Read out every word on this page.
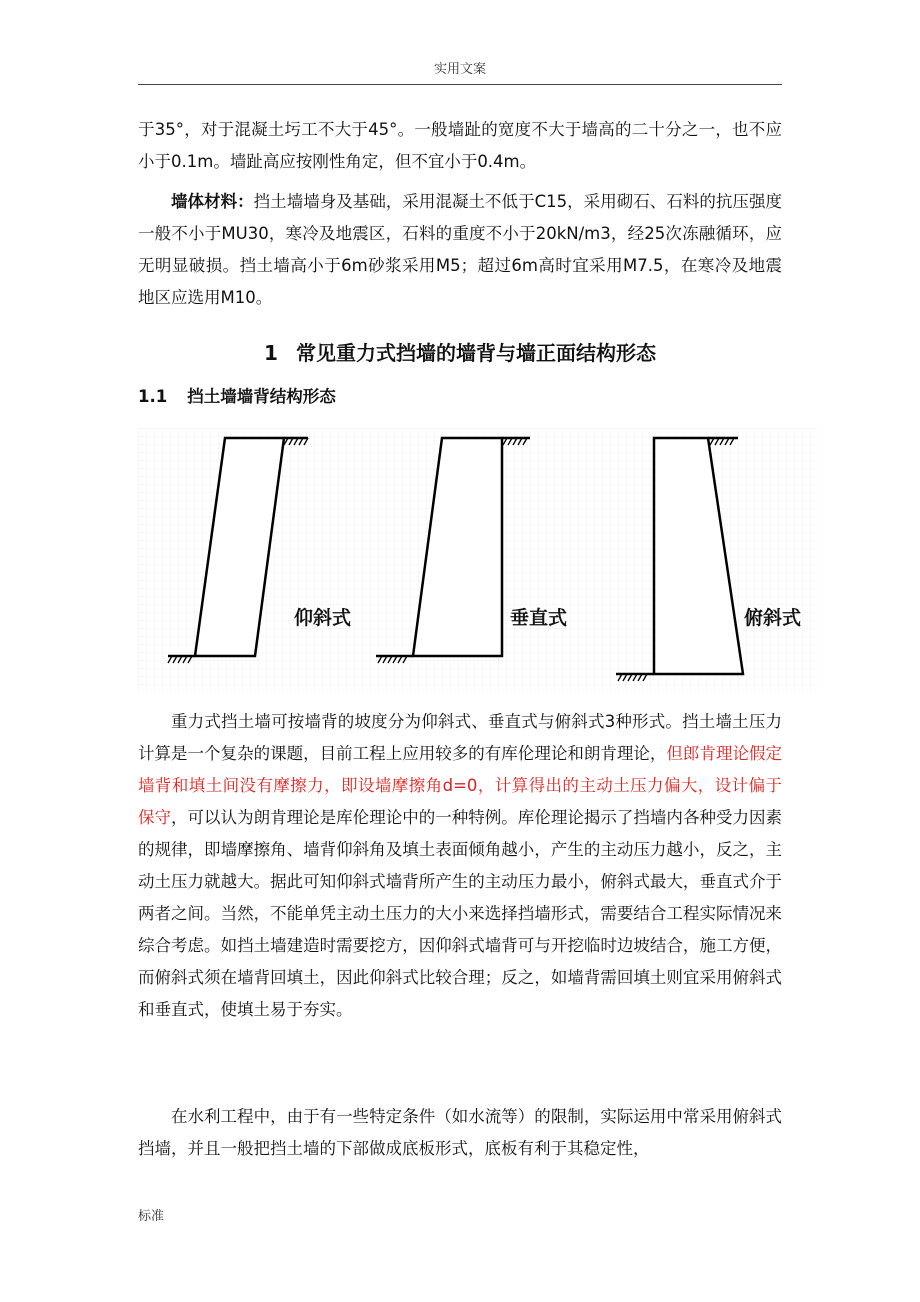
实用文案

于35°，对于混凝土圬工不大于45°。一般墙趾的宽度不大于墙高的二十分之一，也不应小于0.1m。墙趾高应按刚性角定，但不宜小于0.4m。

墙体材料：挡土墙墙身及基础，采用混凝土不低于C15，采用砌石、石料的抗压强度一般不小于MU30，寒冷及地震区，石料的重度不小于20kN/m3，经25次冻融循环，应无明显破损。挡土墙高小于6m砂浆采用M5；超过6m高时宜采用M7.5，在寒冷及地震地区应选用M10。

1 常见重力式挡墙的墙背与墙正面结构形态
1.1 挡土墙墙背结构形态
仰斜式	垂直式	俯斜式

重力式挡土墙可按墙背的坡度分为仰斜式、垂直式与俯斜式3种形式。挡土墙土压力计算是一个复杂的课题，目前工程上应用较多的有库伦理论和朗肯理论，但郎肯理论假定墙背和填土间没有摩擦力，即设墙摩擦角d=0，计算得出的主动土压力偏大，设计偏于保守，可以认为朗肯理论是库伦理论中的一种特例。库伦理论揭示了挡墙内各种受力因素的规律，即墙摩擦角、墙背仰斜角及填土表面倾角越小，产生的主动压力越小，反之，主动土压力就越大。据此可知仰斜式墙背所产生的主动压力最小，俯斜式最大，垂直式介于两者之间。当然，不能单凭主动土压力的大小来选择挡墙形式，需要结合工程实际情况来综合考虑。如挡土墙建造时需要挖方，因仰斜式墙背可与开挖临时边坡结合，施工方便，而俯斜式须在墙背回填土，因此仰斜式比较合理；反之，如墙背需回填土则宜采用俯斜式和垂直式，使填土易于夯实。

在水利工程中，由于有一些特定条件（如水流等）的限制，实际运用中常采用俯斜式挡墙，并且一般把挡土墙的下部做成底板形式，底板有利于其稳定性，

标准
